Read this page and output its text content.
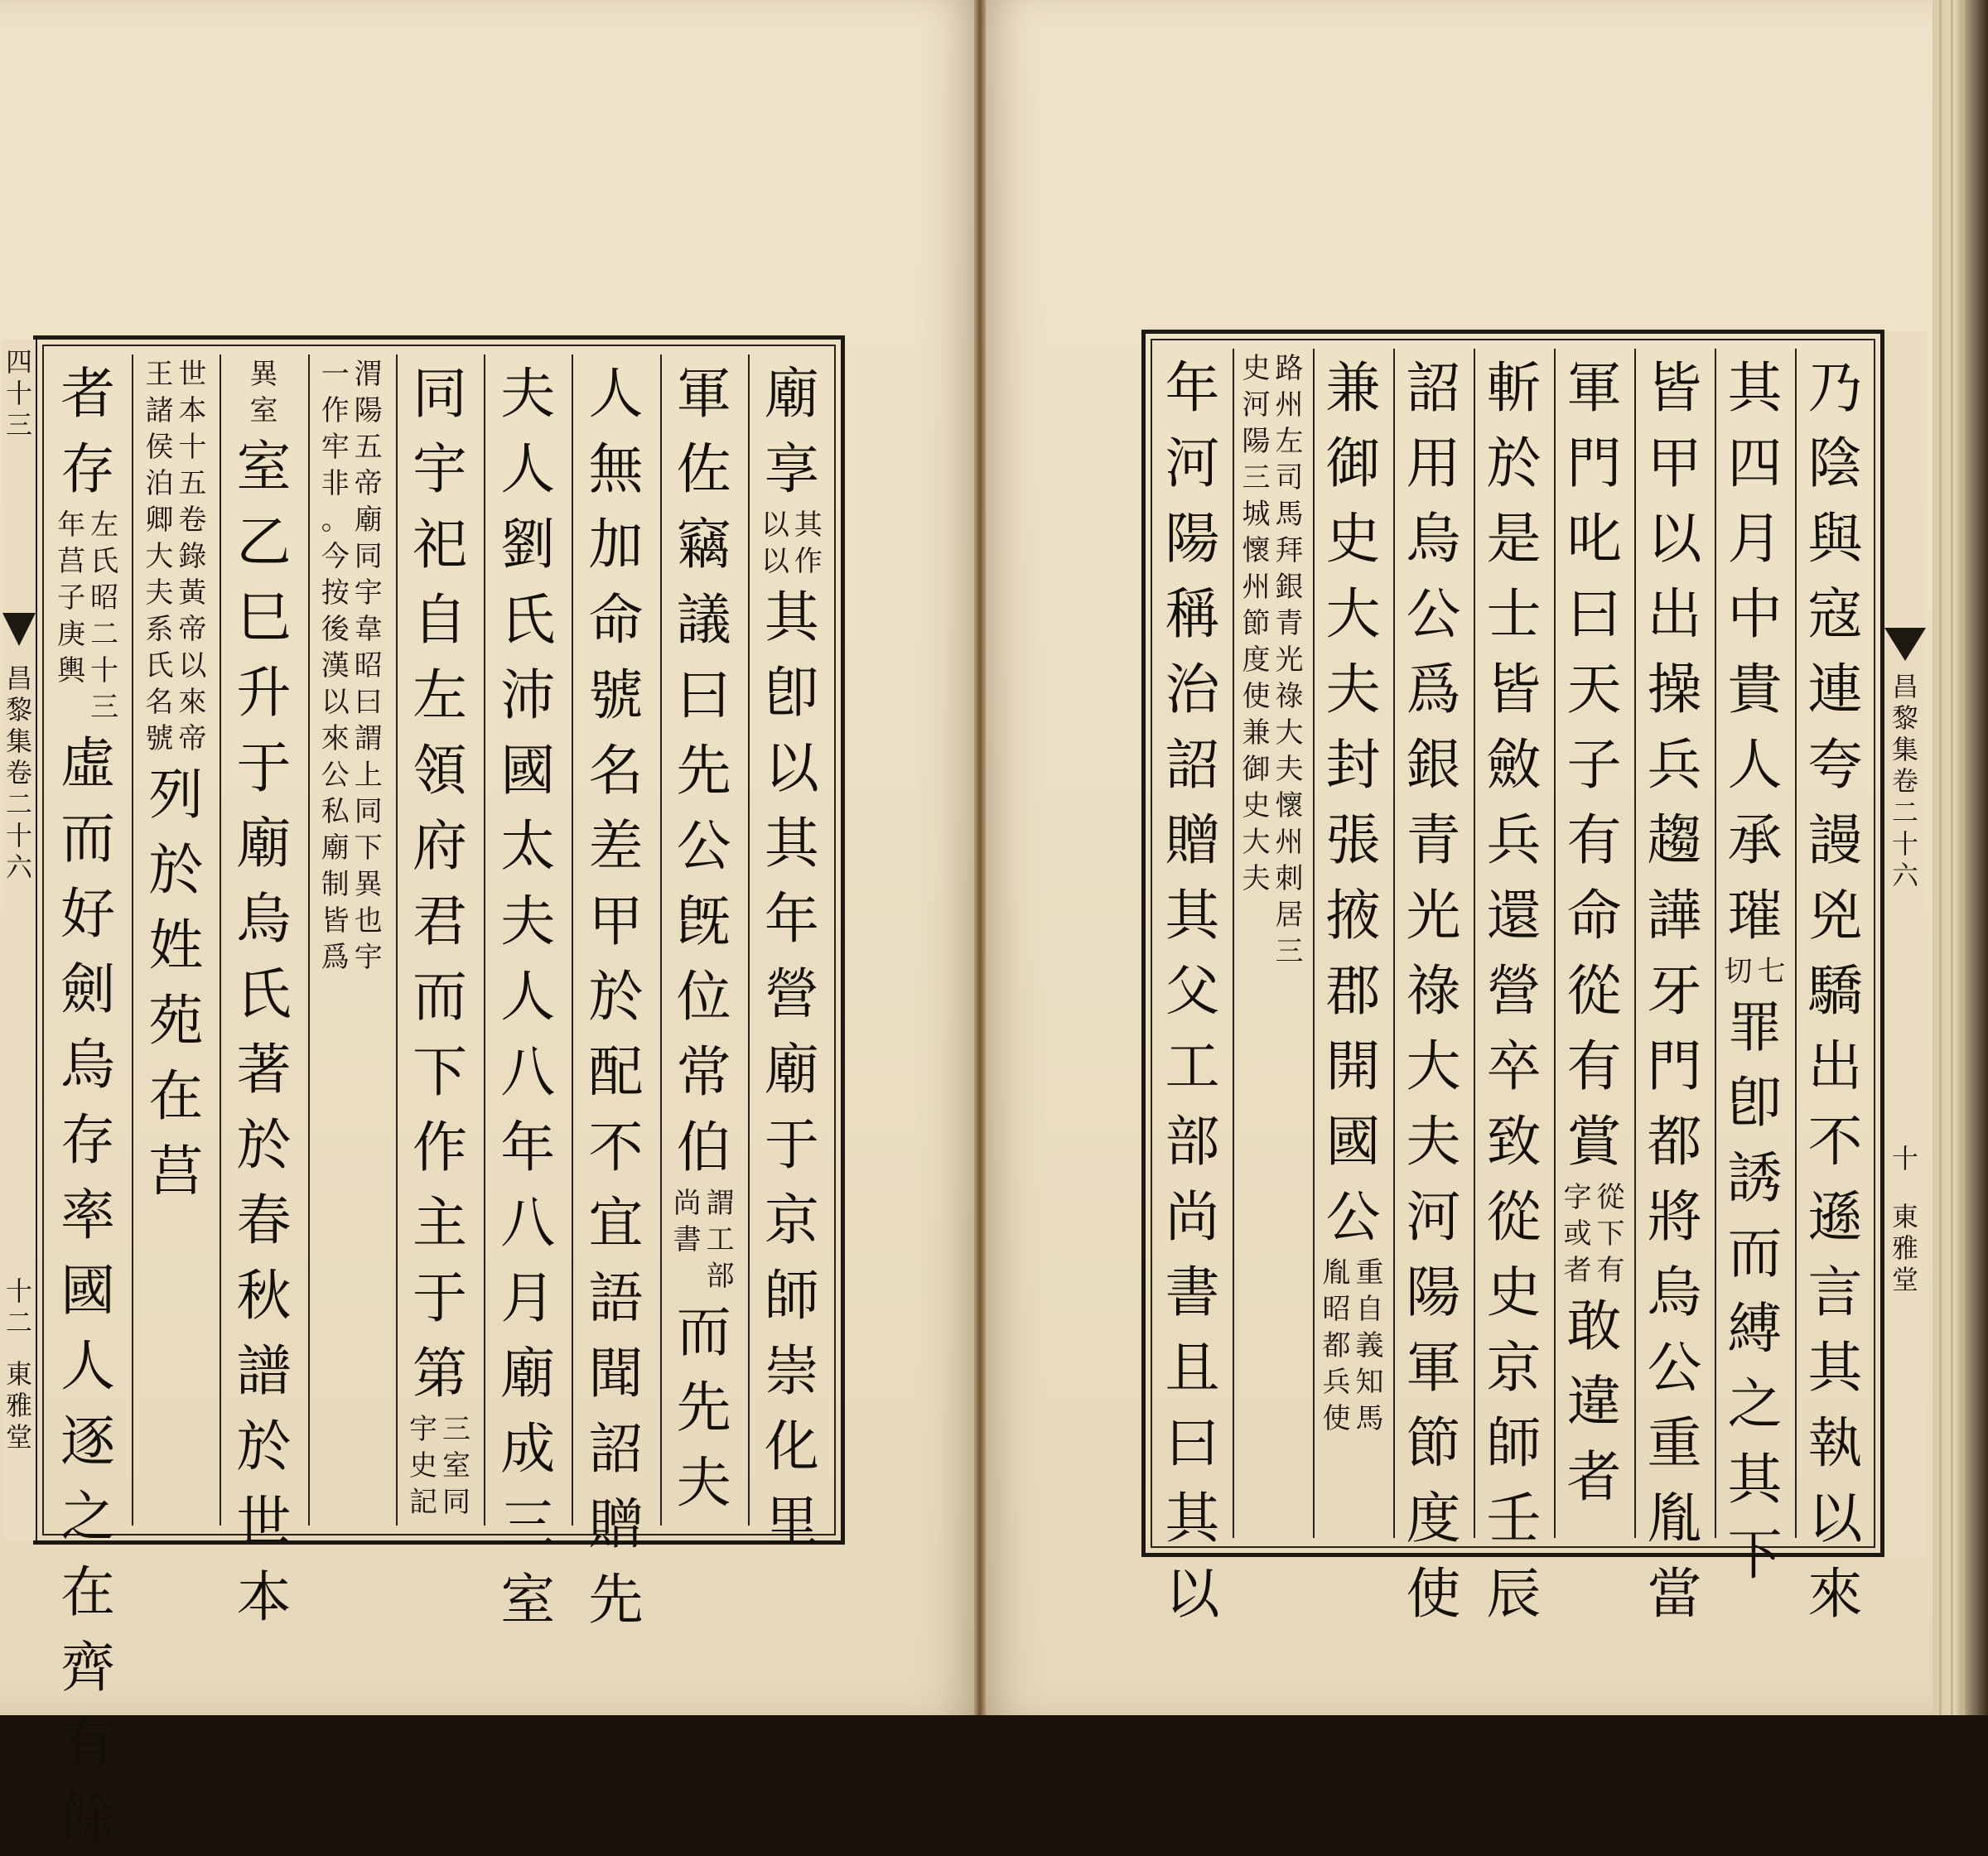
廟
享
其
作
以
以
其
卽
以
其
年
營
廟
于
京
師
崇
化
里
軍
佐
竊
議
曰
先
公
旣
位
常
伯
謂
工
部
尚
書
而
先
夫
人
無
加
命
號
名
差
甲
於
配
不
宜
語
聞
詔
贈
先
夫
人
劉
氏
沛
國
太
夫
人
八
年
八
月
廟
成
三
室
同
宇
祀
自
左
領
府
君
而
下
作
主
于
第
三
室
同
宇
史
記
渭
陽
五
帝
廟
同
宇
韋
昭
曰
謂
上
同
下
異
也
宇
一
作
牢
非
。
今
按
後
漢
以
來
公
私
廟
制
皆
爲
異
室
室
乙
巳
升
于
廟
烏
氏
著
於
春
秋
譜
於
世
本
世
本
十
五
卷
錄
黃
帝
以
來
帝
王
諸
侯
泊
卿
大
夫
系
氏
名
號
列
於
姓
苑
在
莒
者
存
左
氏
昭
二
十
三
年
莒
子
庚
輿
虛
而
好
劍
烏
存
率
國
人
逐
之
在
齊
有
餘
乃
陰
與
寇
連
夸
謾
兇
驕
出
不
遜
言
其
執
以
來
其
四
月
中
貴
人
承
璀
七
切
罪
卽
誘
而
縛
之
其
下
皆
甲
以
出
操
兵
趨
譁
牙
門
都
將
烏
公
重
胤
當
軍
門
叱
曰
天
子
有
命
從
有
賞
從
下
有
字
或
者
敢
違
者
斬
於
是
士
皆
斂
兵
還
營
卒
致
從
史
京
師
壬
辰
詔
用
烏
公
爲
銀
青
光
祿
大
夫
河
陽
軍
節
度
使
兼
御
史
大
夫
封
張
掖
郡
開
國
公
重
自
義
知
馬
胤
昭
都
兵
使
路
州
左
司
馬
拜
銀
青
光
祿
大
夫
懷
州
刺
居
三
史
河
陽
三
城
懷
州
節
度
使
兼
御
史
大
夫
年
河
陽
稱
治
詔
贈
其
父
工
部
尚
書
且
曰
其
以
四十三
昌
黎
集
卷
二
十
六
十
二
東
雅
堂
昌
黎
集
卷
二
十
六
十
東
雅
堂
